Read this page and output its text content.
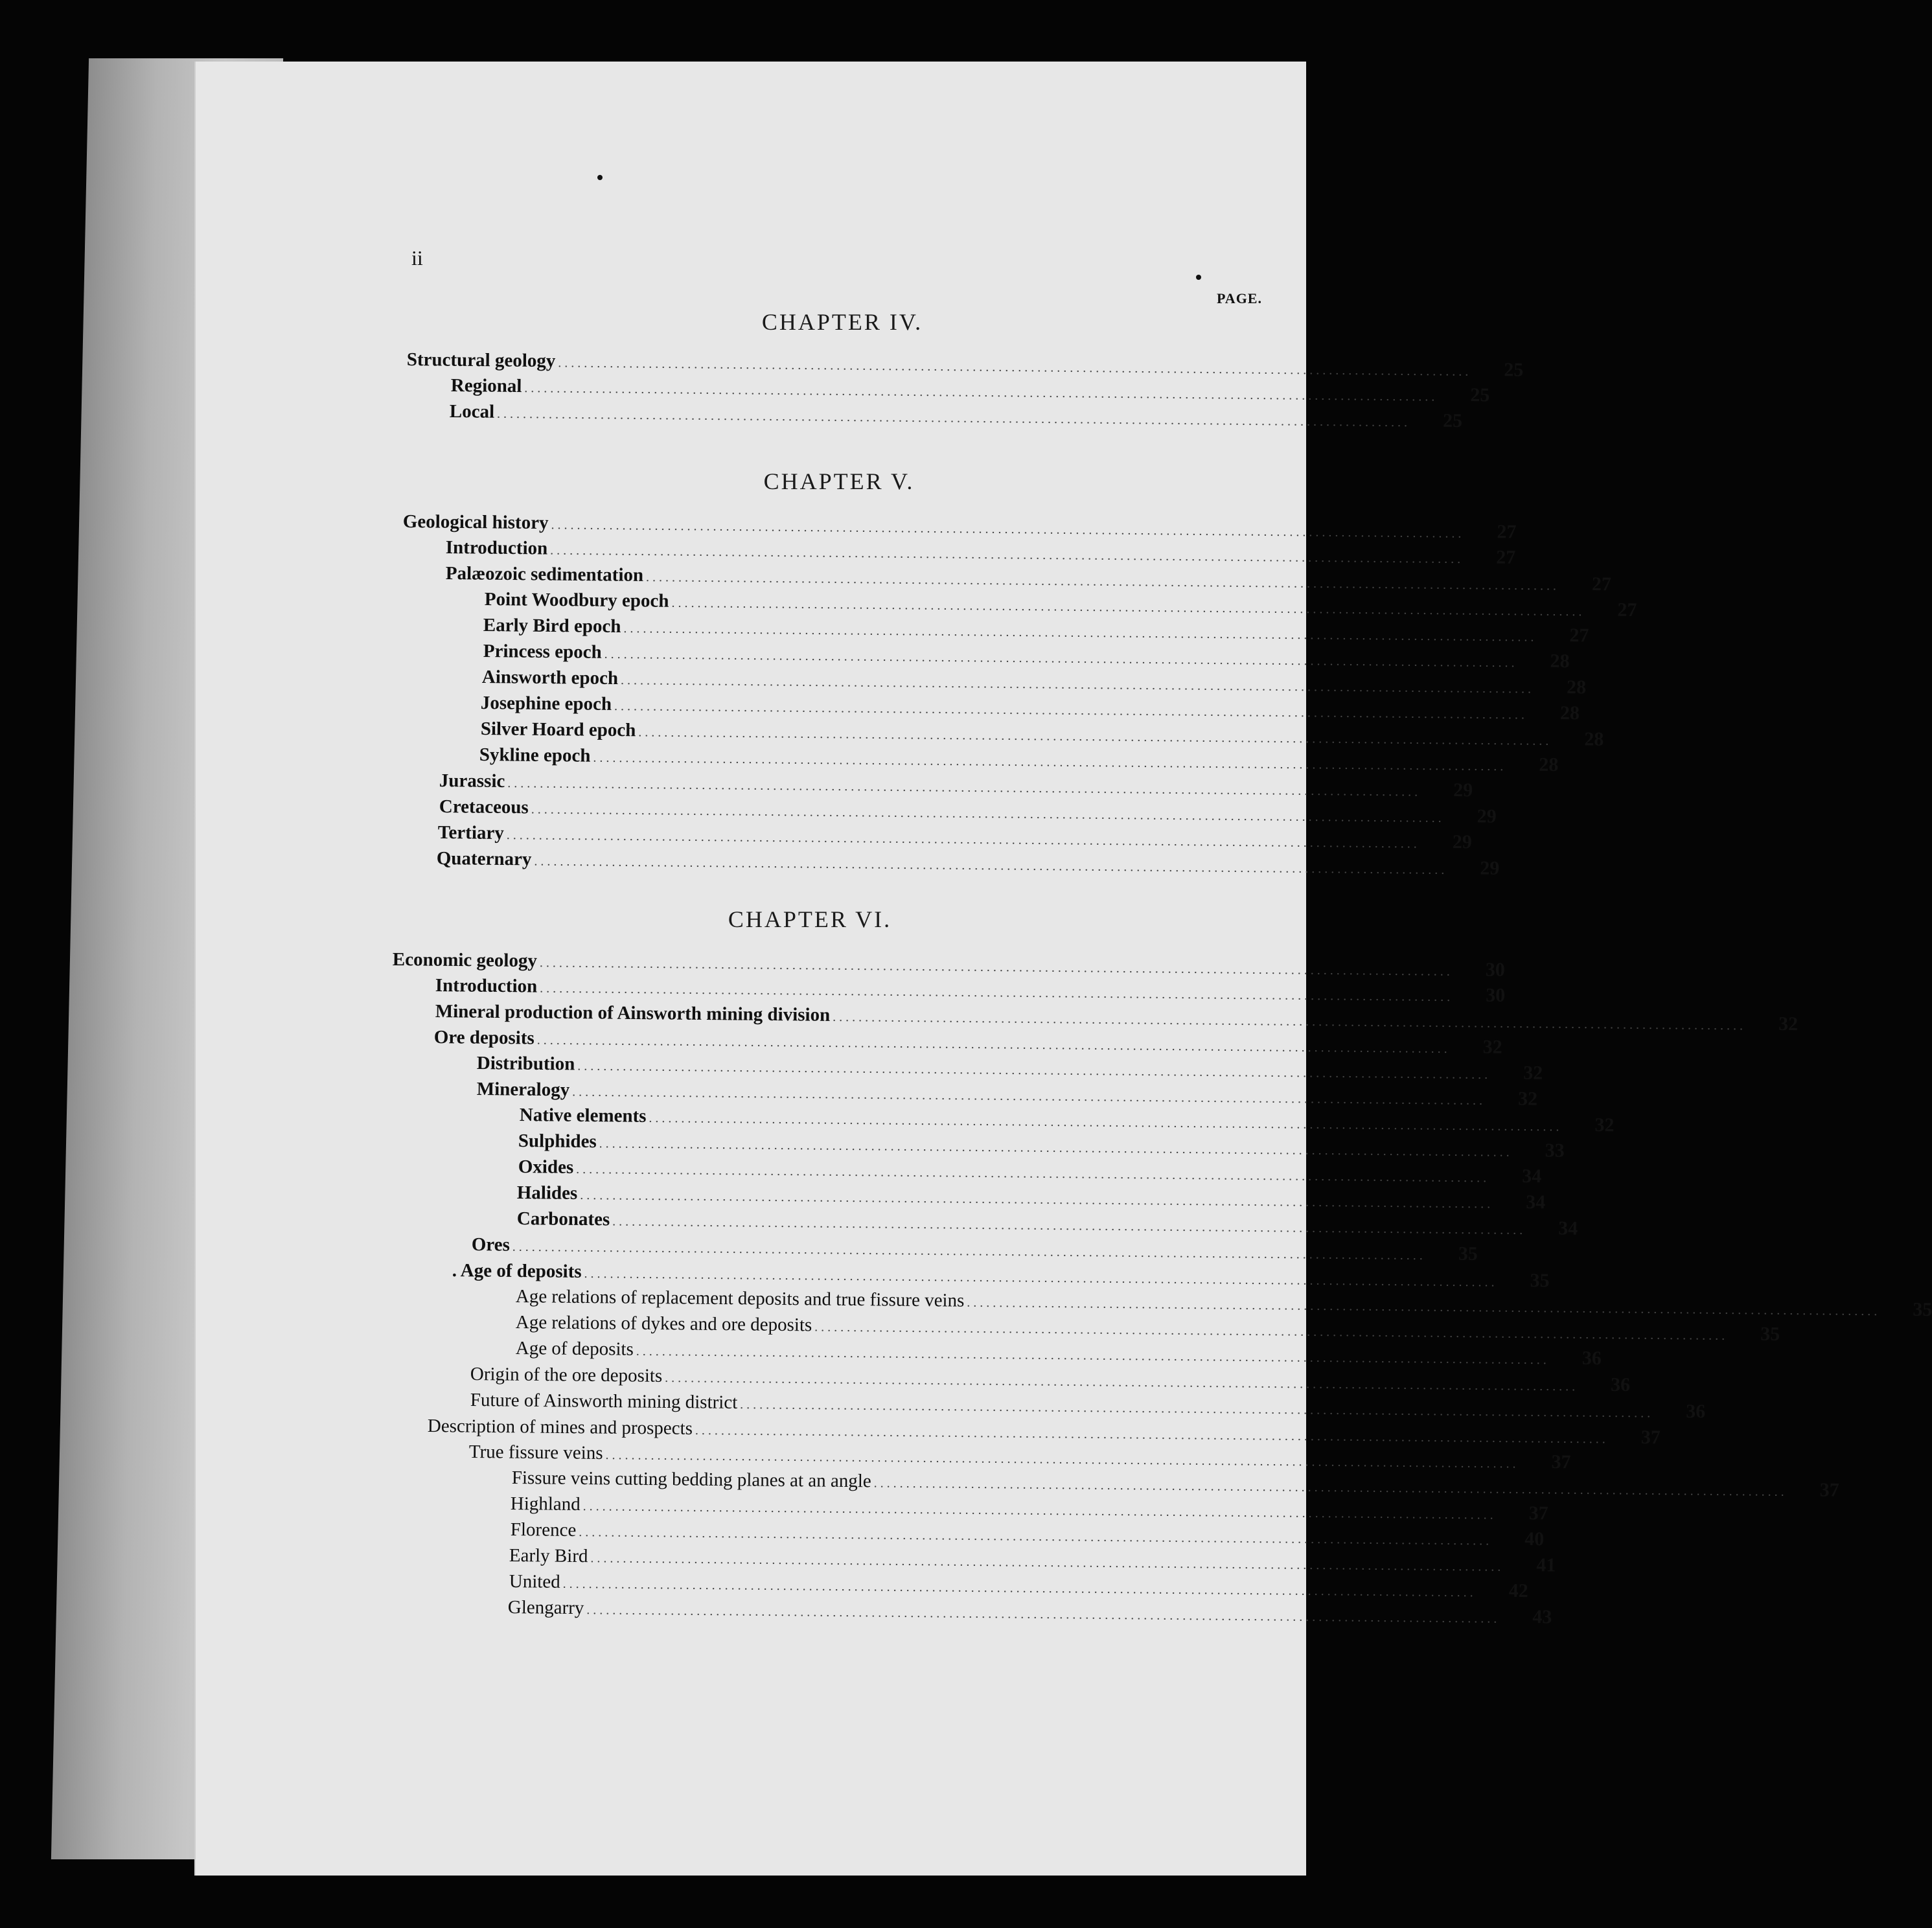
ii
PAGE.
CHAPTER IV.
Structural geology .............................................................................................................................................	25
Regional .............................................................................................................................................	25
Local .............................................................................................................................................	25
CHAPTER V.
Geological history .............................................................................................................................................	27
Introduction .............................................................................................................................................	27
Palæozoic sedimentation .............................................................................................................................................	27
Point Woodbury epoch .............................................................................................................................................	27
Early Bird epoch .............................................................................................................................................	27
Princess epoch .............................................................................................................................................	28
Ainsworth epoch .............................................................................................................................................	28
Josephine epoch .............................................................................................................................................	28
Silver Hoard epoch .............................................................................................................................................	28
Sykline epoch .............................................................................................................................................	28
Jurassic .............................................................................................................................................	29
Cretaceous .............................................................................................................................................	29
Tertiary .............................................................................................................................................	29
Quaternary .............................................................................................................................................	29
CHAPTER VI.
Economic geology .............................................................................................................................................	30
Introduction .............................................................................................................................................	30
Mineral production of Ainsworth mining division .............................................................................................................................................	32
Ore deposits .............................................................................................................................................	32
Distribution .............................................................................................................................................	32
Mineralogy .............................................................................................................................................	32
Native elements .............................................................................................................................................	32
Sulphides .............................................................................................................................................	33
Oxides .............................................................................................................................................	34
Halides .............................................................................................................................................	34
Carbonates .............................................................................................................................................	34
Ores .............................................................................................................................................	35
. Age of deposits .............................................................................................................................................	35
Age relations of replacement deposits and true fissure veins .............................................................................................................................................	35
Age relations of dykes and ore deposits .............................................................................................................................................	35
Age of deposits .............................................................................................................................................	36
Origin of the ore deposits .............................................................................................................................................	36
Future of Ainsworth mining district .............................................................................................................................................	36
Description of mines and prospects .............................................................................................................................................	37
True fissure veins .............................................................................................................................................	37
Fissure veins cutting bedding planes at an angle .............................................................................................................................................	37
Highland .............................................................................................................................................	37
Florence .............................................................................................................................................	40
Early Bird .............................................................................................................................................	41
United .............................................................................................................................................	42
Glengarry .............................................................................................................................................	43
